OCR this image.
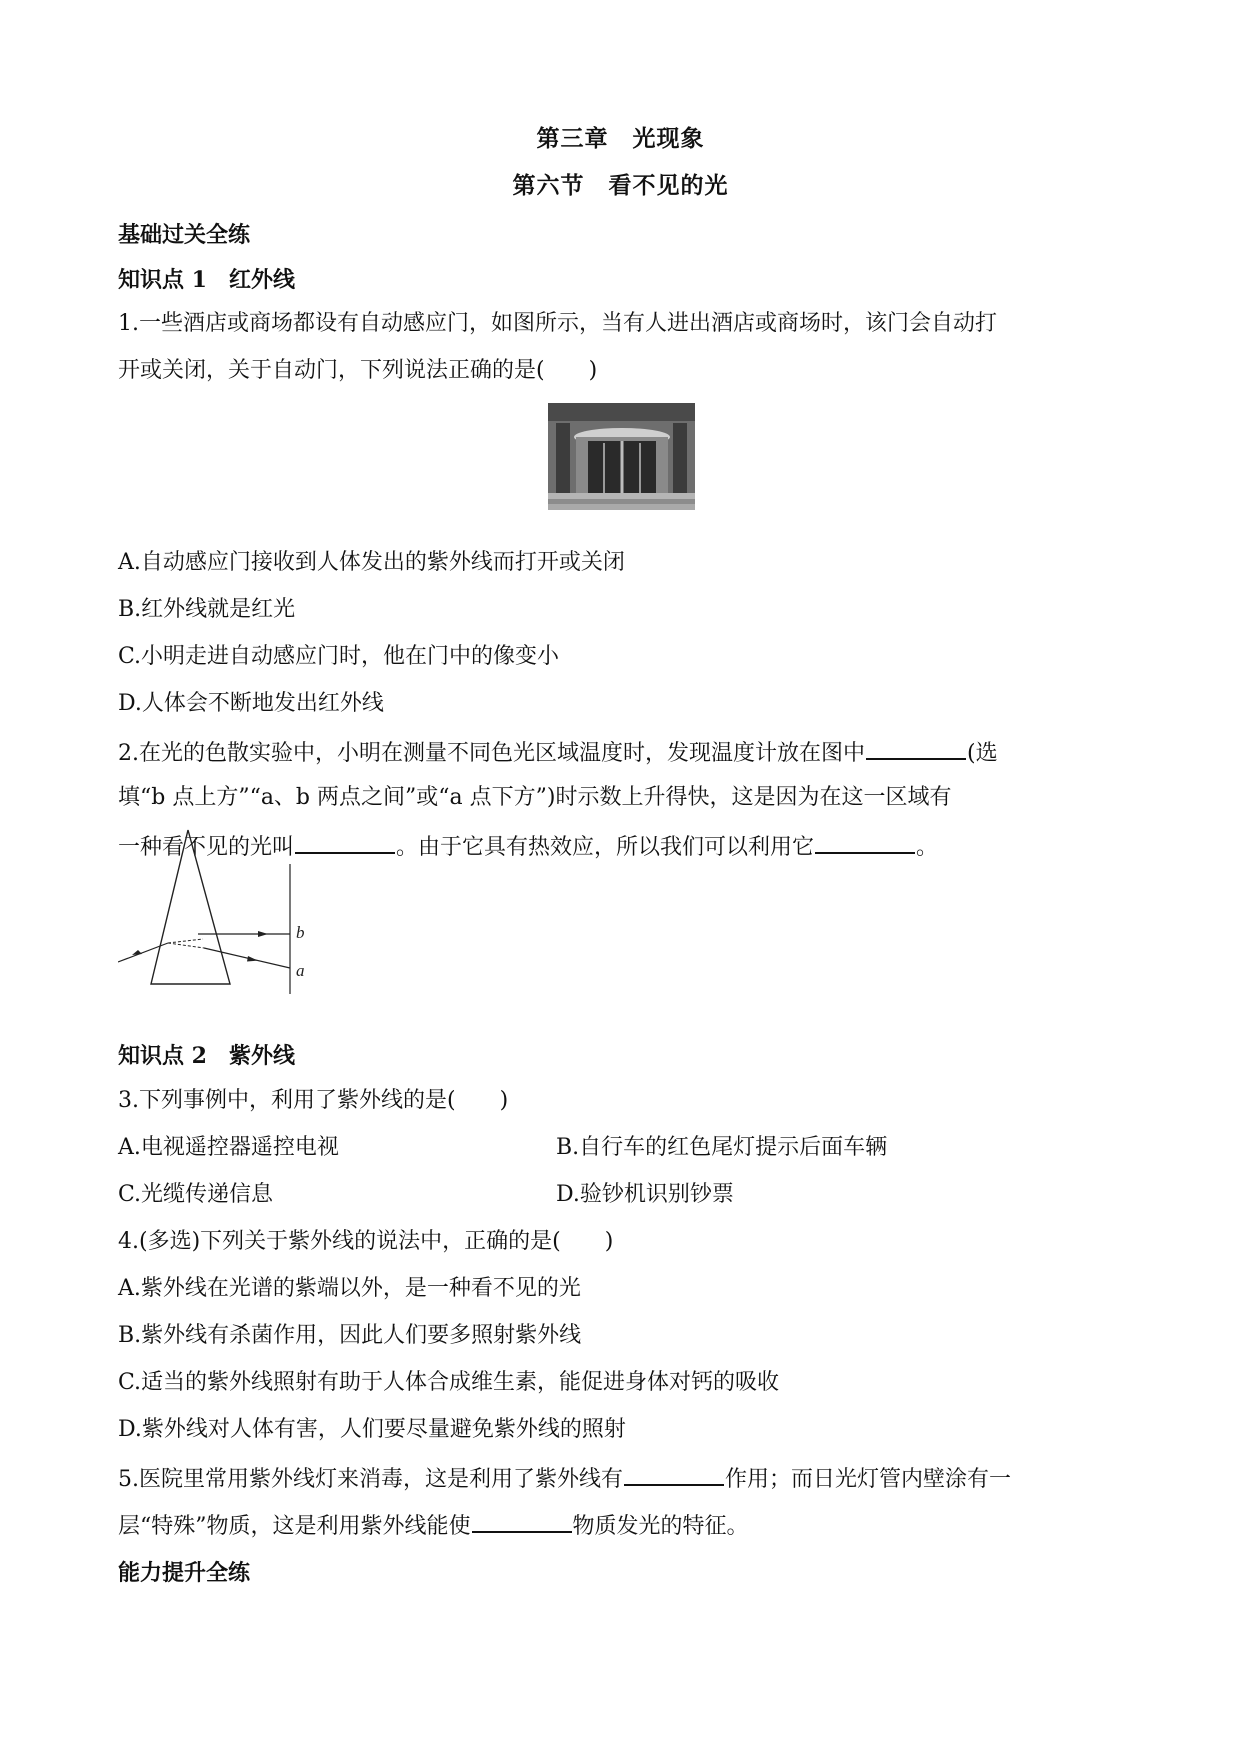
第三章　光现象
第六节　看不见的光
基础过关全练
知识点 1　红外线
1.一些酒店或商场都设有自动感应门，如图所示，当有人进出酒店或商场时，该门会自动打
开或关闭，关于自动门，下列说法正确的是(　　)
A.自动感应门接收到人体发出的紫外线而打开或关闭
B.红外线就是红光
C.小明走进自动感应门时，他在门中的像变小
D.人体会不断地发出红外线
2.在光的色散实验中，小明在测量不同色光区域温度时，发现温度计放在图中	(选
填“b 点上方”“a、b 两点之间”或“a 点下方”)时示数上升得快，这是因为在这一区域有
一种看不见的光叫	。由于它具有热效应，所以我们可以利用它	。
b
a
知识点 2　紫外线
3.下列事例中，利用了紫外线的是(　　)
A.电视遥控器遥控电视	B.自行车的红色尾灯提示后面车辆
C.光缆传递信息	D.验钞机识别钞票
4.(多选)下列关于紫外线的说法中，正确的是(　　)
A.紫外线在光谱的紫端以外，是一种看不见的光
B.紫外线有杀菌作用，因此人们要多照射紫外线
C.适当的紫外线照射有助于人体合成维生素，能促进身体对钙的吸收
D.紫外线对人体有害，人们要尽量避免紫外线的照射
5.医院里常用紫外线灯来消毒，这是利用了紫外线有	作用；而日光灯管内壁涂有一
层“特殊”物质，这是利用紫外线能使	物质发光的特征。
能力提升全练
